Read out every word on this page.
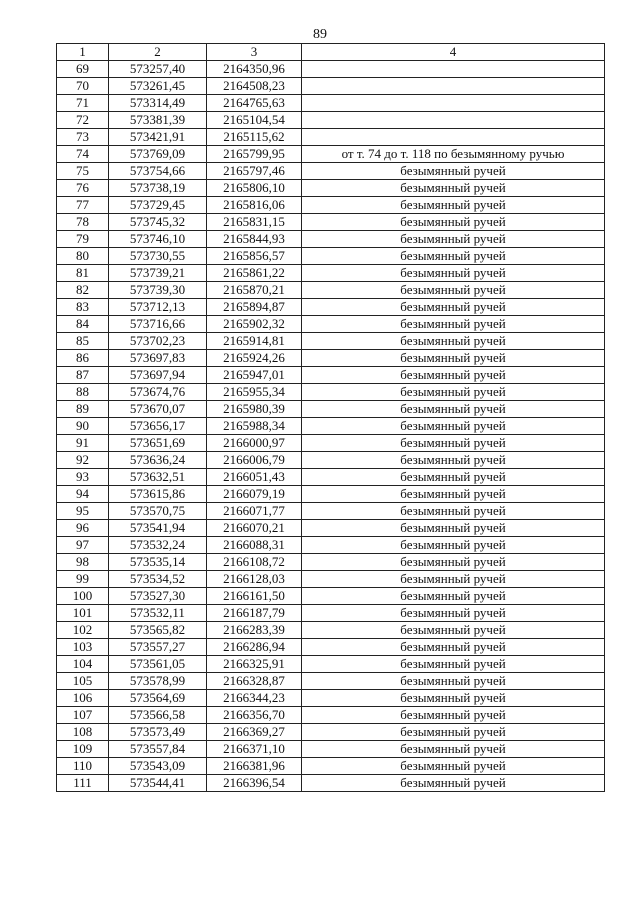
89
1	2	3	4
69	573257,40	2164350,96	
70	573261,45	2164508,23	
71	573314,49	2164765,63	
72	573381,39	2165104,54	
73	573421,91	2165115,62	
74	573769,09	2165799,95	от т. 74 до т. 118 по безымянному ручью
75	573754,66	2165797,46	безымянный ручей
76	573738,19	2165806,10	безымянный ручей
77	573729,45	2165816,06	безымянный ручей
78	573745,32	2165831,15	безымянный ручей
79	573746,10	2165844,93	безымянный ручей
80	573730,55	2165856,57	безымянный ручей
81	573739,21	2165861,22	безымянный ручей
82	573739,30	2165870,21	безымянный ручей
83	573712,13	2165894,87	безымянный ручей
84	573716,66	2165902,32	безымянный ручей
85	573702,23	2165914,81	безымянный ручей
86	573697,83	2165924,26	безымянный ручей
87	573697,94	2165947,01	безымянный ручей
88	573674,76	2165955,34	безымянный ручей
89	573670,07	2165980,39	безымянный ручей
90	573656,17	2165988,34	безымянный ручей
91	573651,69	2166000,97	безымянный ручей
92	573636,24	2166006,79	безымянный ручей
93	573632,51	2166051,43	безымянный ручей
94	573615,86	2166079,19	безымянный ручей
95	573570,75	2166071,77	безымянный ручей
96	573541,94	2166070,21	безымянный ручей
97	573532,24	2166088,31	безымянный ручей
98	573535,14	2166108,72	безымянный ручей
99	573534,52	2166128,03	безымянный ручей
100	573527,30	2166161,50	безымянный ручей
101	573532,11	2166187,79	безымянный ручей
102	573565,82	2166283,39	безымянный ручей
103	573557,27	2166286,94	безымянный ручей
104	573561,05	2166325,91	безымянный ручей
105	573578,99	2166328,87	безымянный ручей
106	573564,69	2166344,23	безымянный ручей
107	573566,58	2166356,70	безымянный ручей
108	573573,49	2166369,27	безымянный ручей
109	573557,84	2166371,10	безымянный ручей
110	573543,09	2166381,96	безымянный ручей
111	573544,41	2166396,54	безымянный ручей
